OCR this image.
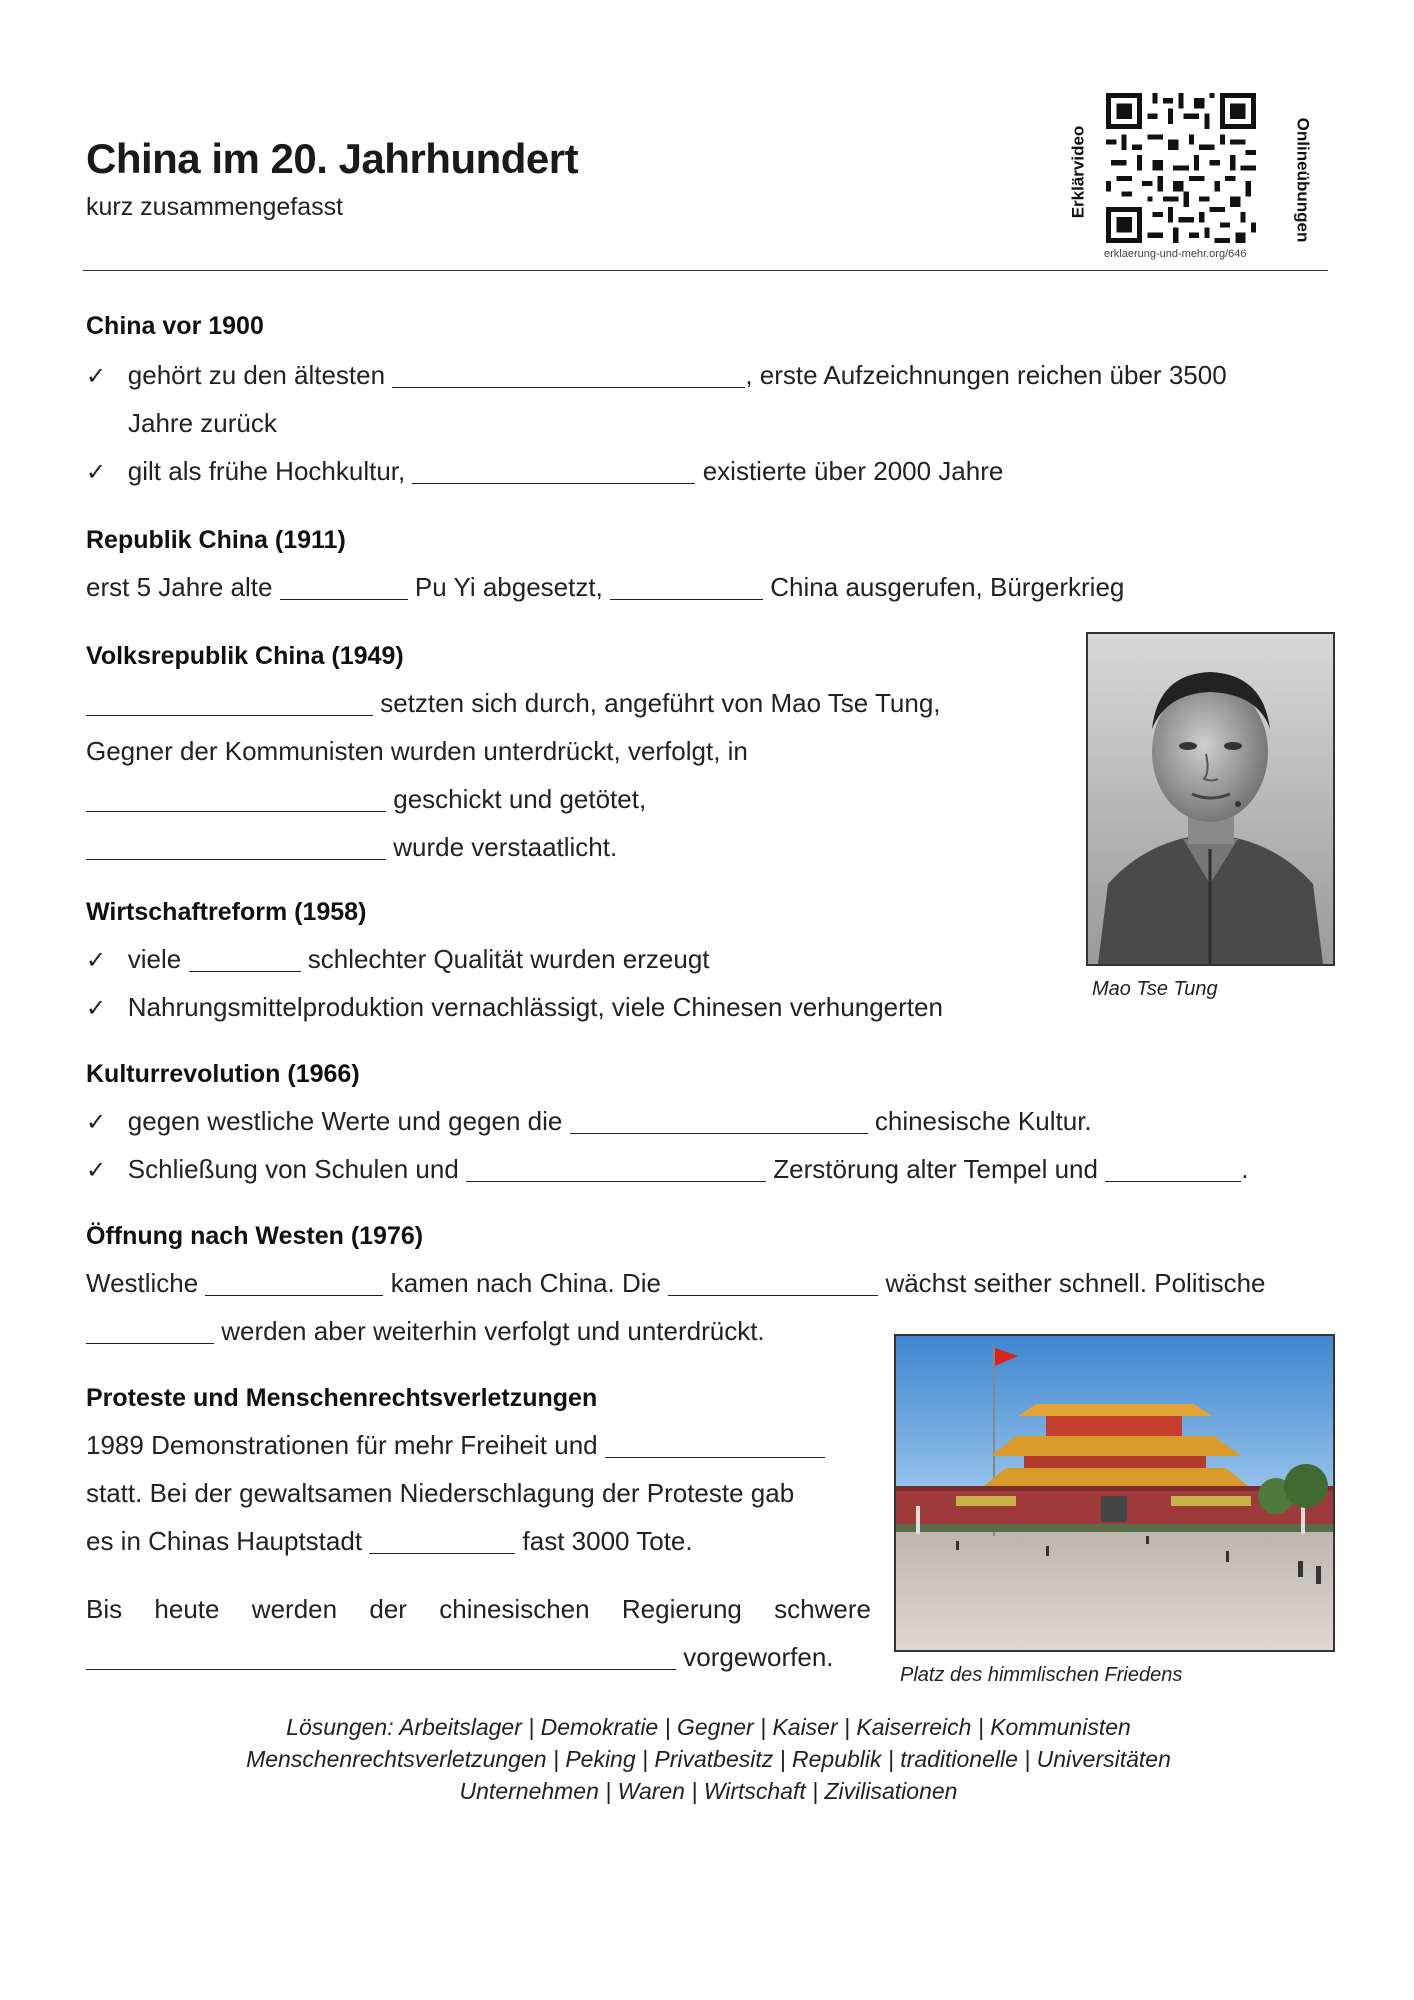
China im 20. Jahrhundert
kurz zusammengefasst	Erklärvideo	Onlineübungen
erklaerung-und-mehr.org/646
China vor 1900
✓ gehört zu den ältesten	, erste Aufzeichnungen reichen über 3500
Jahre zurück
✓ gilt als frühe Hochkultur,	existierte über 2000 Jahre
Republik China (1911)
erst 5 Jahre alte	Pu Yi abgesetzt,	China ausgerufen, Bürgerkrieg
Volksrepublik China (1949)
setzten sich durch, angeführt von Mao Tse Tung,
Gegner der Kommunisten wurden unterdrückt, verfolgt, in
geschickt und getötet,
wurde verstaatlicht.
Mao Tse Tung
Wirtschaftreform (1958)
✓ viele	schlechter Qualität wurden erzeugt
✓ Nahrungsmittelproduktion vernachlässigt, viele Chinesen verhungerten
Kulturrevolution (1966)
✓ gegen westliche Werte und gegen die	chinesische Kultur.
✓ Schließung von Schulen und	Zerstörung alter Tempel und	.
Öffnung nach Westen (1976)
Westliche	kamen nach China. Die	wächst seither schnell. Politische
werden aber weiterhin verfolgt und unterdrückt.
Proteste und Menschenrechtsverletzungen
1989 Demonstrationen für mehr Freiheit und
statt. Bei der gewaltsamen Niederschlagung der Proteste gab
es in Chinas Hauptstadt	fast 3000 Tote.
Bis heute werden der chinesischen Regierung schwere
vorgeworfen.
Platz des himmlischen Friedens
Lösungen: Arbeitslager | Demokratie | Gegner | Kaiser | Kaiserreich | Kommunisten
Menschenrechtsverletzungen | Peking | Privatbesitz | Republik | traditionelle | Universitäten
Unternehmen | Waren | Wirtschaft | Zivilisationen
